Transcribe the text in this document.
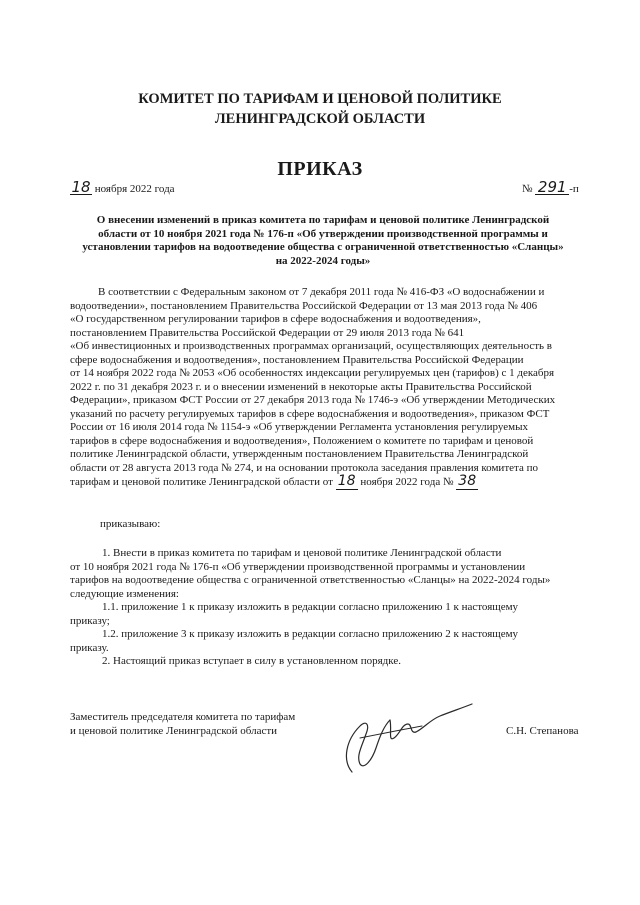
КОМИТЕТ ПО ТАРИФАМ И ЦЕНОВОЙ ПОЛИТИКЕ
ЛЕНИНГРАДСКОЙ ОБЛАСТИ
ПРИКАЗ
18 ноября 2022 года	№ 291 -п
О внесении изменений в приказ комитета по тарифам и ценовой политике Ленинградской
области от 10 ноября 2021 года № 176-п «Об утверждении производственной программы и
установлении тарифов на водоотведение общества с ограниченной ответственностью «Сланцы»
на 2022-2024 годы»
В соответствии с Федеральным законом от 7 декабря 2011 года № 416-ФЗ «О водоснабжении и
водоотведении», постановлением Правительства Российской Федерации от 13 мая 2013 года № 406
«О государственном регулировании тарифов в сфере водоснабжения и водоотведения»,
постановлением Правительства Российской Федерации от 29 июля 2013 года № 641
«Об инвестиционных и производственных программах организаций, осуществляющих деятельность в
сфере водоснабжения и водоотведения», постановлением Правительства Российской Федерации
от 14 ноября 2022 года № 2053 «Об особенностях индексации регулируемых цен (тарифов) с 1 декабря
2022 г. по 31 декабря 2023 г. и о внесении изменений в некоторые акты Правительства Российской
Федерации», приказом ФСТ России от 27 декабря 2013 года № 1746-э «Об утверждении Методических
указаний по расчету регулируемых тарифов в сфере водоснабжения и водоотведения», приказом ФСТ
России от 16 июля 2014 года № 1154-э «Об утверждении Регламента установления регулируемых
тарифов в сфере водоснабжения и водоотведения», Положением о комитете по тарифам и ценовой
политике Ленинградской области, утвержденным постановлением Правительства Ленинградской
области от 28 августа 2013 года № 274, и на основании протокола заседания правления комитета по
тарифам и ценовой политике Ленинградской области от 18 ноября 2022 года № 38
приказываю:
1. Внести в приказ комитета по тарифам и ценовой политике Ленинградской области
от 10 ноября 2021 года № 176-п «Об утверждении производственной программы и установлении
тарифов на водоотведение общества с ограниченной ответственностью «Сланцы» на 2022-2024 годы»
следующие изменения:
1.1. приложение 1 к приказу изложить в редакции согласно приложению 1 к настоящему
приказу;
1.2. приложение 3 к приказу изложить в редакции согласно приложению 2 к настоящему
приказу.
2. Настоящий приказ вступает в силу в установленном порядке.
Заместитель председателя комитета по тарифам
и ценовой политике Ленинградской области	С.Н. Степанова
